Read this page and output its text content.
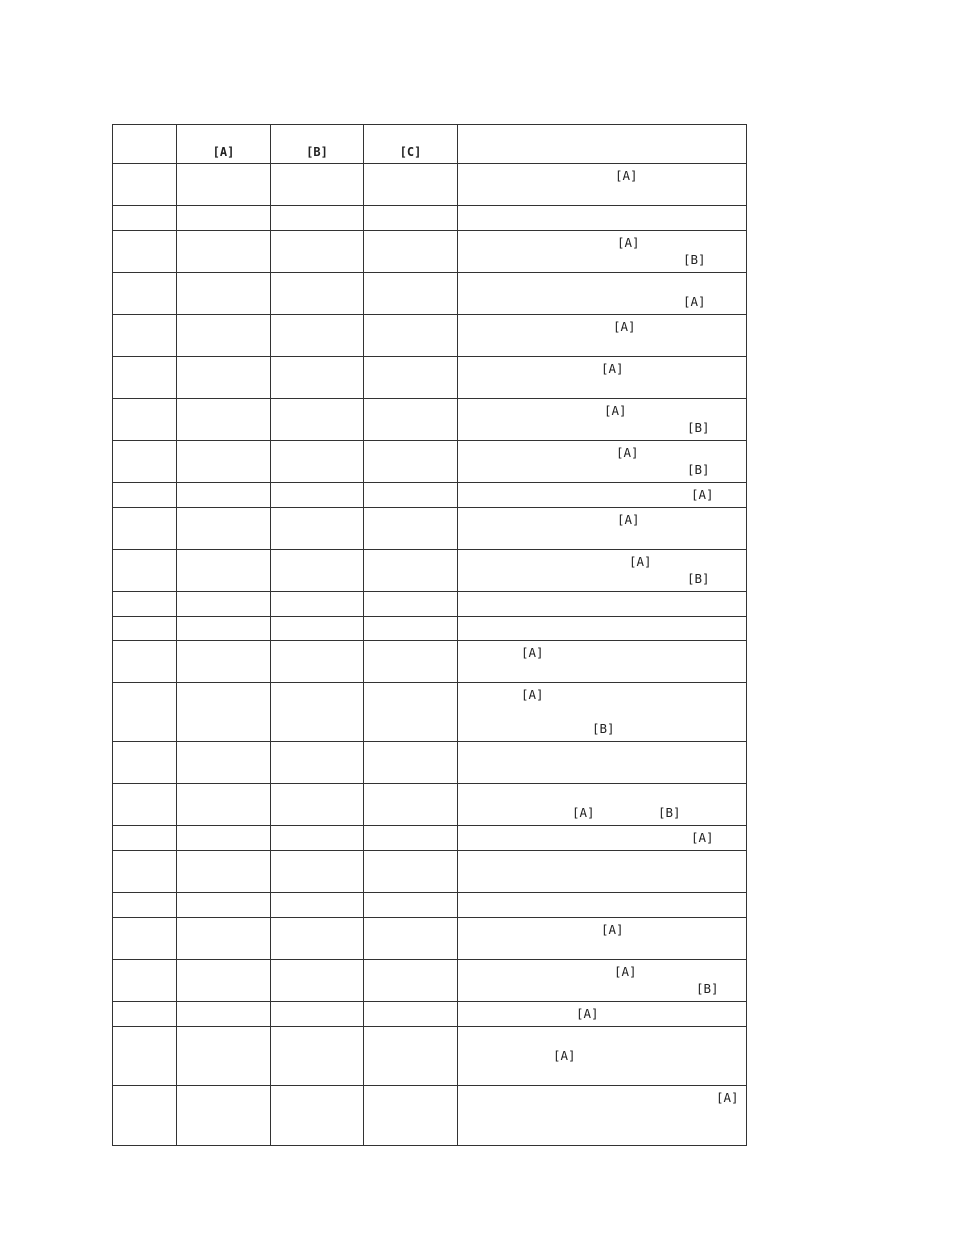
	[A]	[B]	[C]	

				[A]

				[A]
[B]

				[A]

				[A]

				[A]

				[A]
[B]

				[A]
[B]

				[A]

				[A]

				[A]
[B]

				[A]

				[A]
[B]

				[A] [B]

				[A]

				[A]

				[A]
[B]

				[A]

				[A]

				[A]
